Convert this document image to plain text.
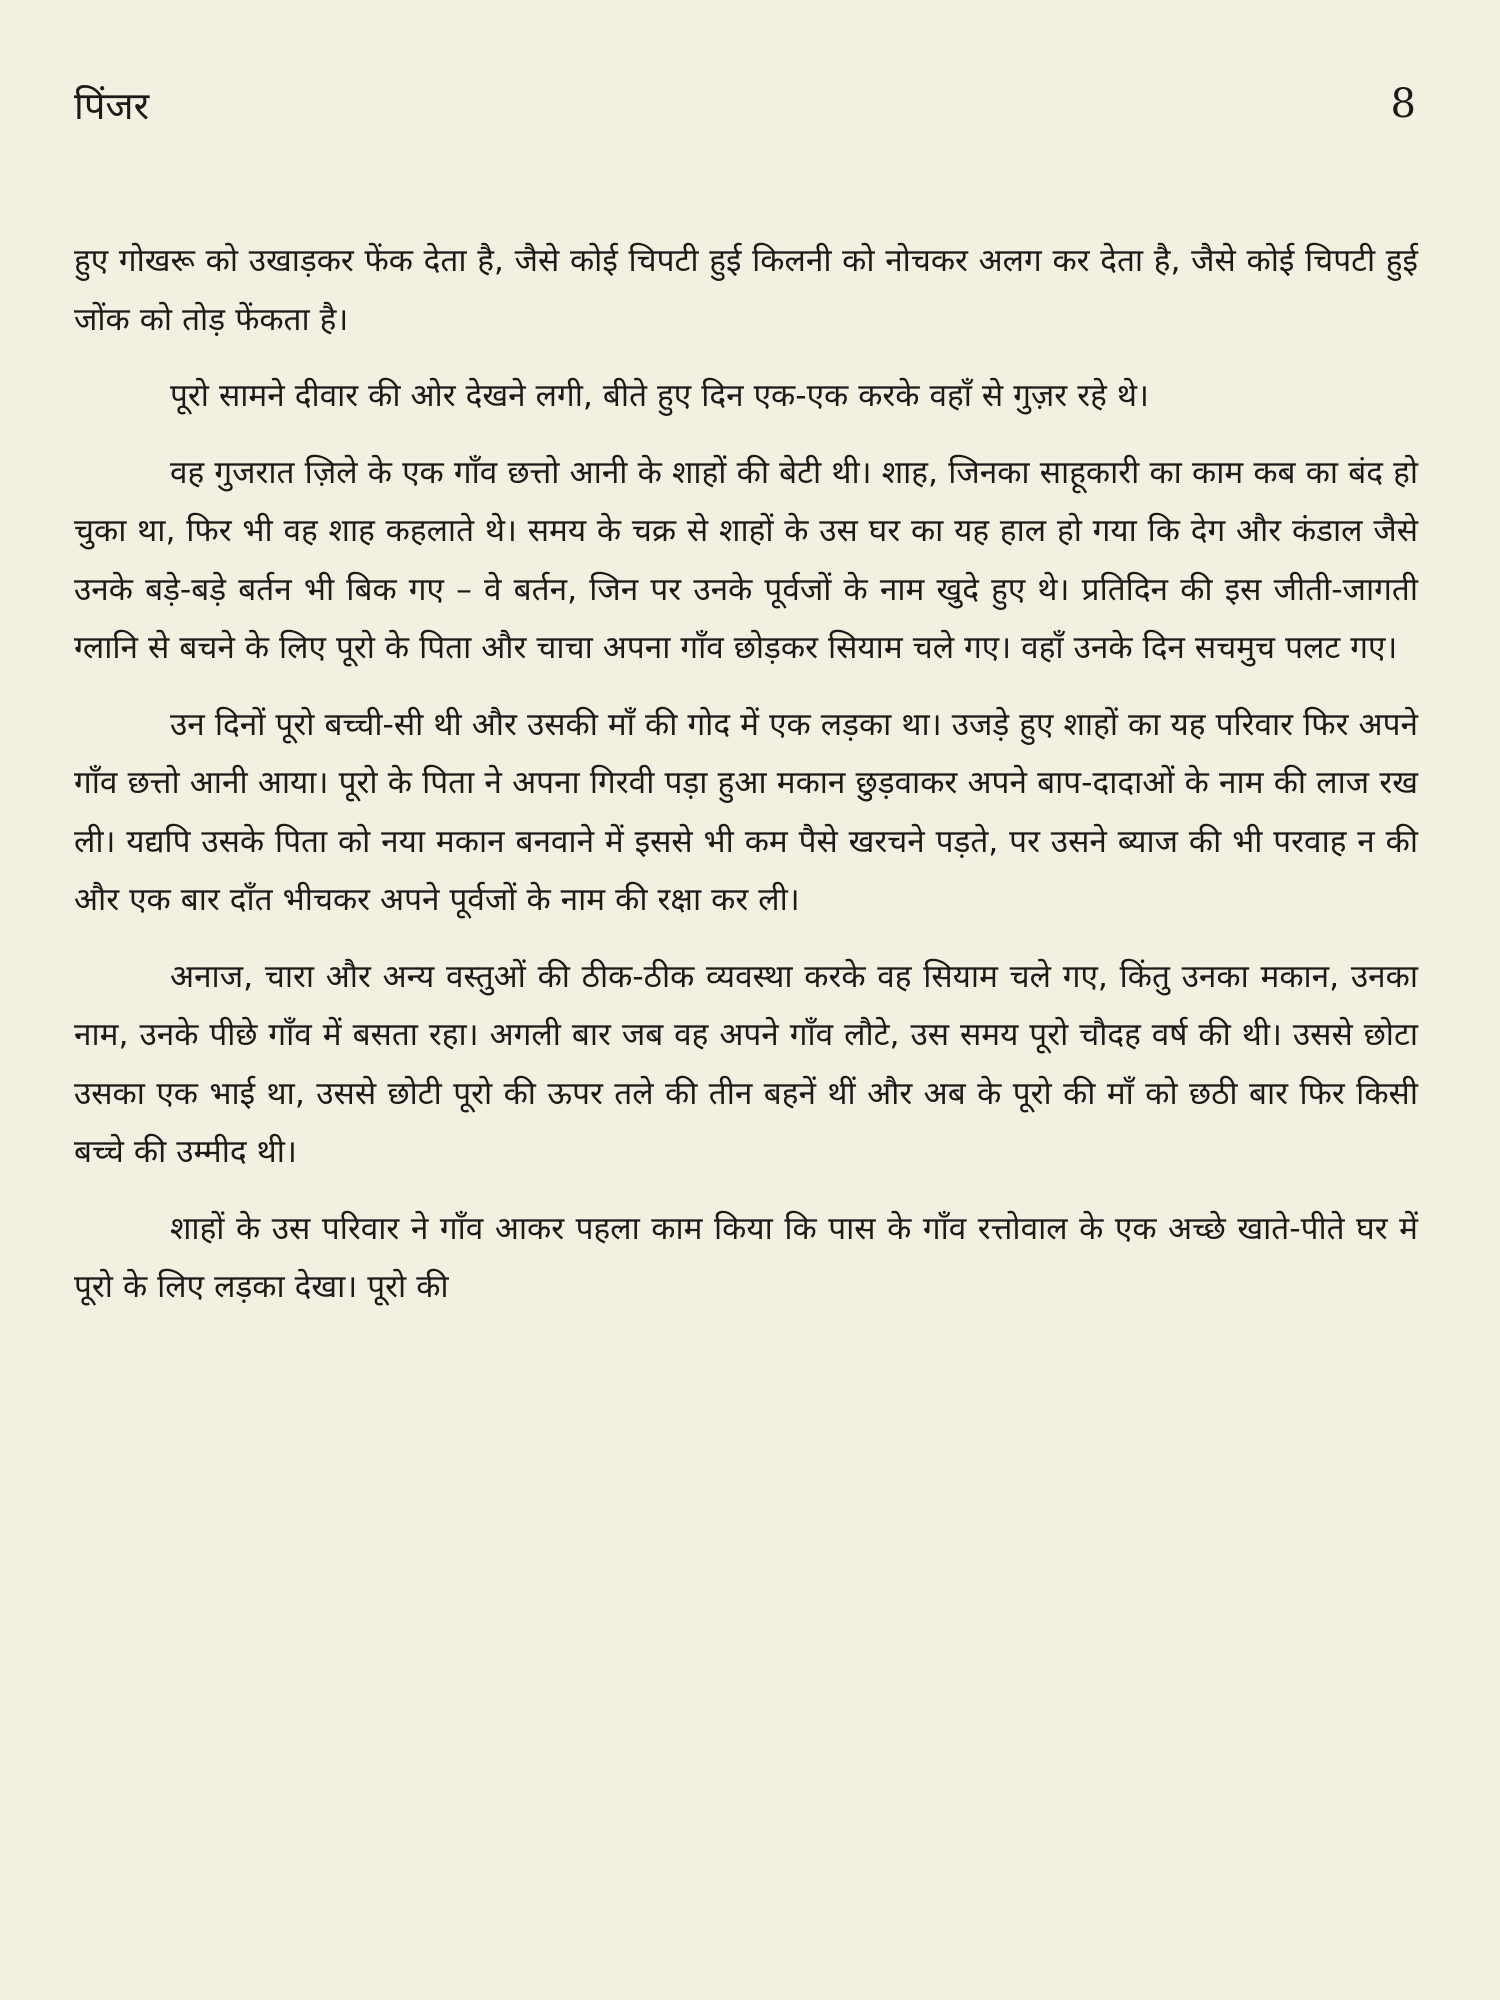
पिंजर	8

हुए गोखरू को उखाड़कर फेंक देता है, जैसे कोई चिपटी हुई किलनी को नोचकर अलग कर देता है, जैसे कोई चिपटी हुई जोंक को तोड़ फेंकता है।

पूरो सामने दीवार की ओर देखने लगी, बीते हुए दिन एक-एक करके वहाँ से गुज़र रहे थे।

वह गुजरात ज़िले के एक गाँव छत्तो आनी के शाहों की बेटी थी। शाह, जिनका साहूकारी का काम कब का बंद हो चुका था, फिर भी वह शाह कहलाते थे। समय के चक्र से शाहों के उस घर का यह हाल हो गया कि देग और कंडाल जैसे उनके बड़े-बड़े बर्तन भी बिक गए – वे बर्तन, जिन पर उनके पूर्वजों के नाम खुदे हुए थे। प्रतिदिन की इस जीती-जागती ग्लानि से बचने के लिए पूरो के पिता और चाचा अपना गाँव छोड़कर सियाम चले गए। वहाँ उनके दिन सचमुच पलट गए।

उन दिनों पूरो बच्ची-सी थी और उसकी माँ की गोद में एक लड़का था। उजड़े हुए शाहों का यह परिवार फिर अपने गाँव छत्तो आनी आया। पूरो के पिता ने अपना गिरवी पड़ा हुआ मकान छुड़वाकर अपने बाप-दादाओं के नाम की लाज रख ली। यद्यपि उसके पिता को नया मकान बनवाने में इससे भी कम पैसे खरचने पड़ते, पर उसने ब्याज की भी परवाह न की और एक बार दाँत भीचकर अपने पूर्वजों के नाम की रक्षा कर ली।

अनाज, चारा और अन्य वस्तुओं की ठीक-ठीक व्यवस्था करके वह सियाम चले गए, किंतु उनका मकान, उनका नाम, उनके पीछे गाँव में बसता रहा। अगली बार जब वह अपने गाँव लौटे, उस समय पूरो चौदह वर्ष की थी। उससे छोटा उसका एक भाई था, उससे छोटी पूरो की ऊपर तले की तीन बहनें थीं और अब के पूरो की माँ को छठी बार फिर किसी बच्चे की उम्मीद थी।

शाहों के उस परिवार ने गाँव आकर पहला काम किया कि पास के गाँव रत्तोवाल के एक अच्छे खाते-पीते घर में पूरो के लिए लड़का देखा। पूरो की
